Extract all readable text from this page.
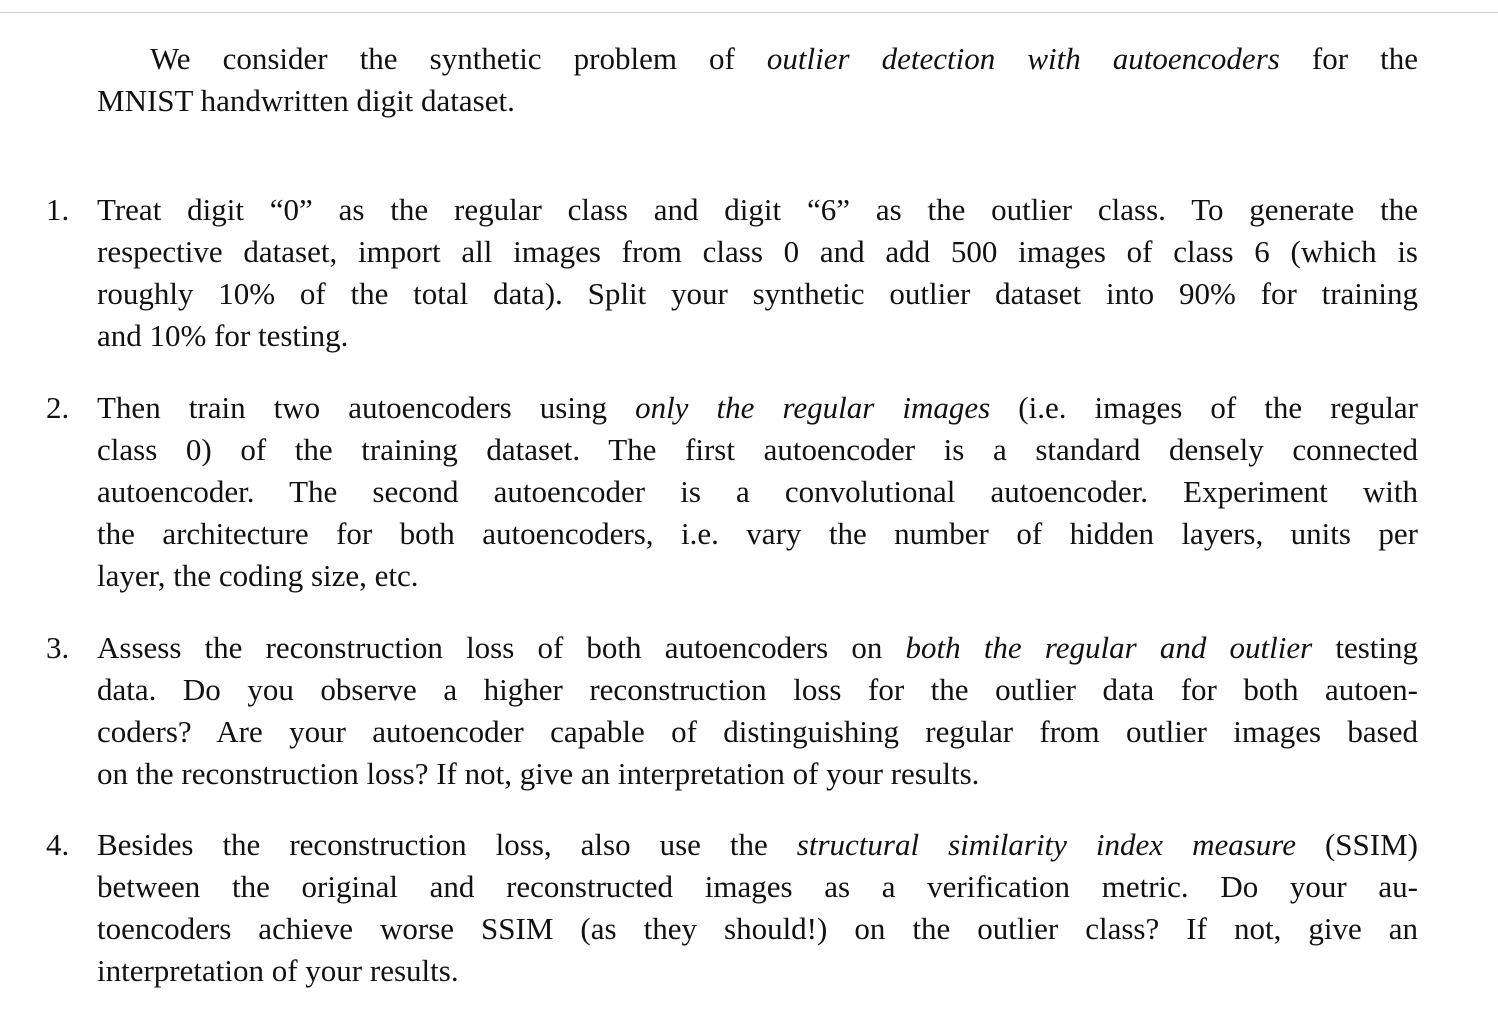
We consider the synthetic problem of outlier detection with autoencoders for the
MNIST handwritten digit dataset.
1. Treat digit “0” as the regular class and digit “6” as the outlier class. To generate the
respective dataset, import all images from class 0 and add 500 images of class 6 (which is
roughly 10% of the total data). Split your synthetic outlier dataset into 90% for training
and 10% for testing.
2. Then train two autoencoders using only the regular images (i.e. images of the regular
class 0) of the training dataset. The first autoencoder is a standard densely connected
autoencoder. The second autoencoder is a convolutional autoencoder. Experiment with
the architecture for both autoencoders, i.e. vary the number of hidden layers, units per
layer, the coding size, etc.
3. Assess the reconstruction loss of both autoencoders on both the regular and outlier testing
data. Do you observe a higher reconstruction loss for the outlier data for both autoen-
coders? Are your autoencoder capable of distinguishing regular from outlier images based
on the reconstruction loss? If not, give an interpretation of your results.
4. Besides the reconstruction loss, also use the structural similarity index measure (SSIM)
between the original and reconstructed images as a verification metric. Do your au-
toencoders achieve worse SSIM (as they should!) on the outlier class? If not, give an
interpretation of your results.
